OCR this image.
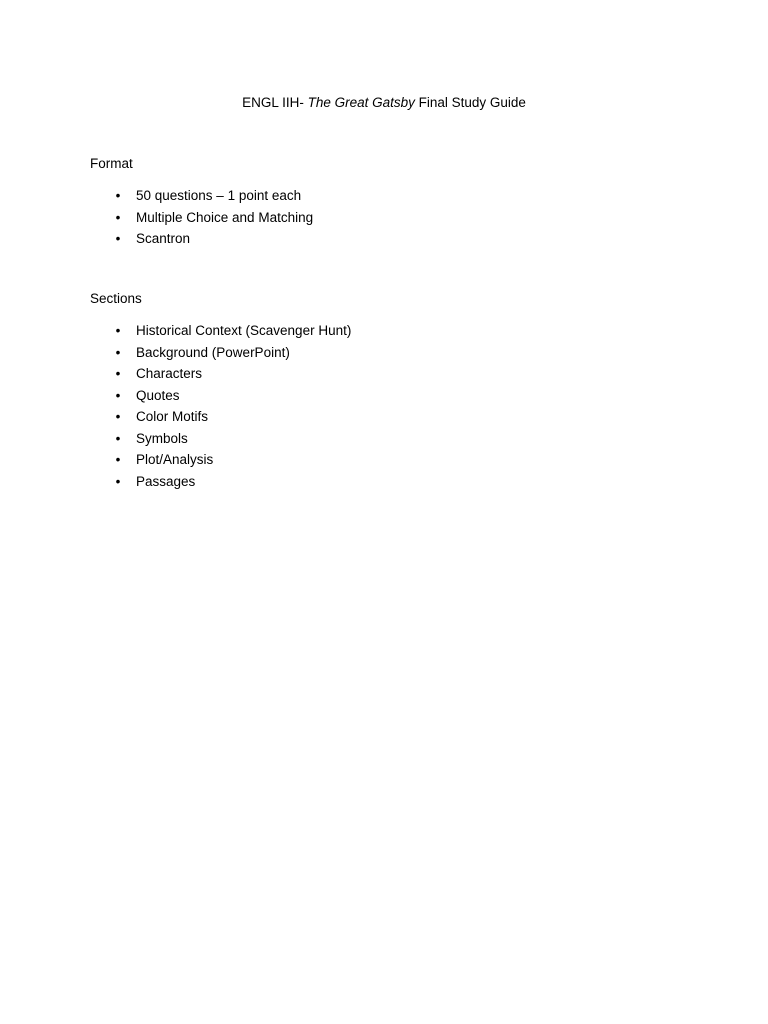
ENGL IIH- The Great Gatsby Final Study Guide
Format
• 50 questions – 1 point each
• Multiple Choice and Matching
• Scantron
Sections
• Historical Context (Scavenger Hunt)
• Background (PowerPoint)
• Characters
• Quotes
• Color Motifs
• Symbols
• Plot/Analysis
• Passages
